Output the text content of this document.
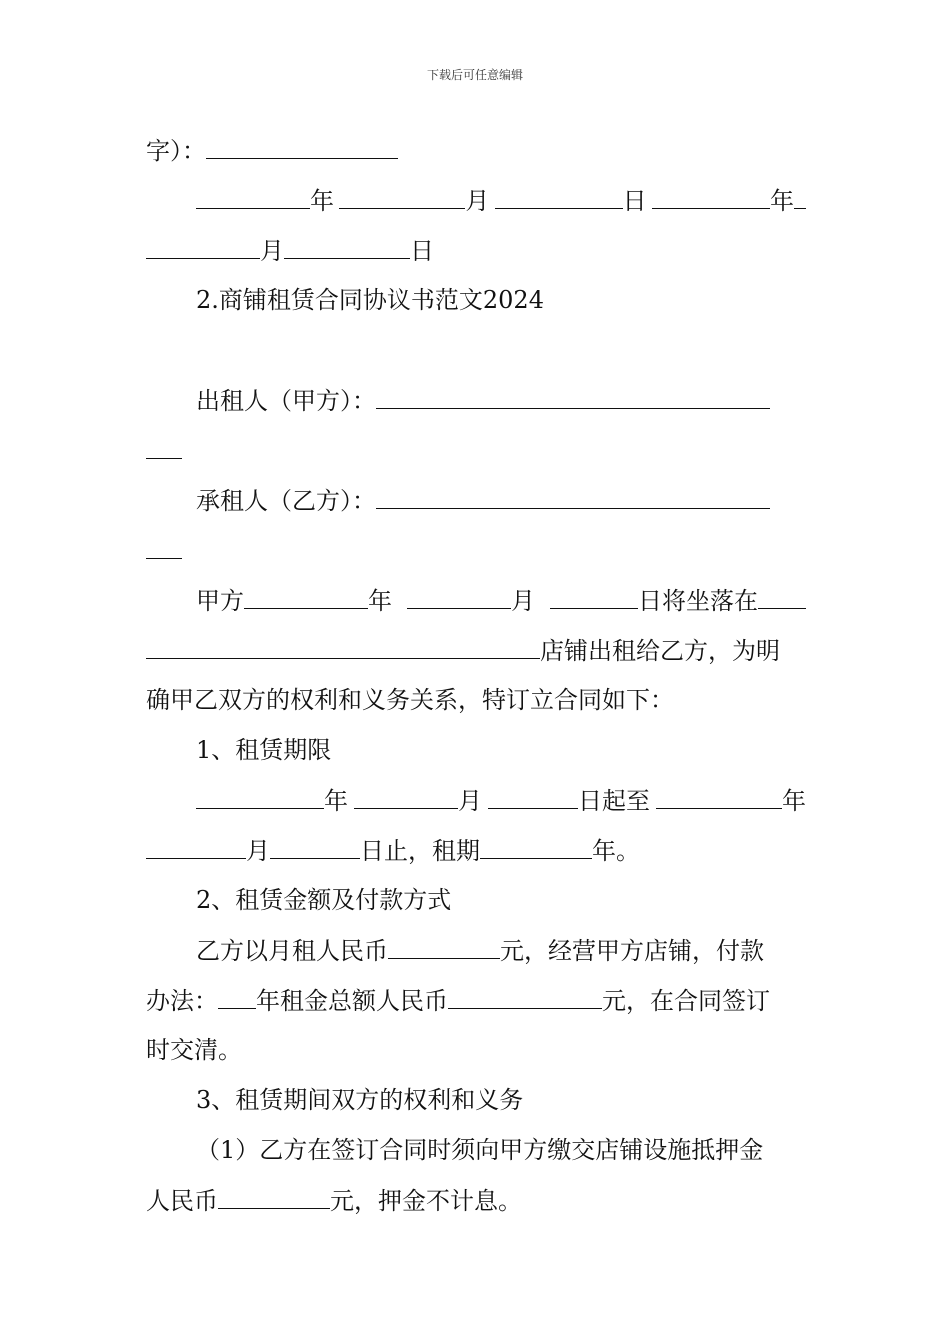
下载后可任意编辑
字）：
年	月	日	年
月	日
2.商铺租赁合同协议书范文2024
出租人（甲方）：
承租人（乙方）：
甲方	年	月	日将坐落在
店铺出租给乙方，为明
确甲乙双方的权利和义务关系，特订立合同如下：
1、租赁期限
年	月	日起至	年
月	日止，租期	年。
2、租赁金额及付款方式
乙方以月租人民币	元，经营甲方店铺，付款
办法： 年租金总额人民币	元，在合同签订
时交清。
3、租赁期间双方的权利和义务
（1）乙方在签订合同时须向甲方缴交店铺设施抵押金
人民币	元，押金不计息。
